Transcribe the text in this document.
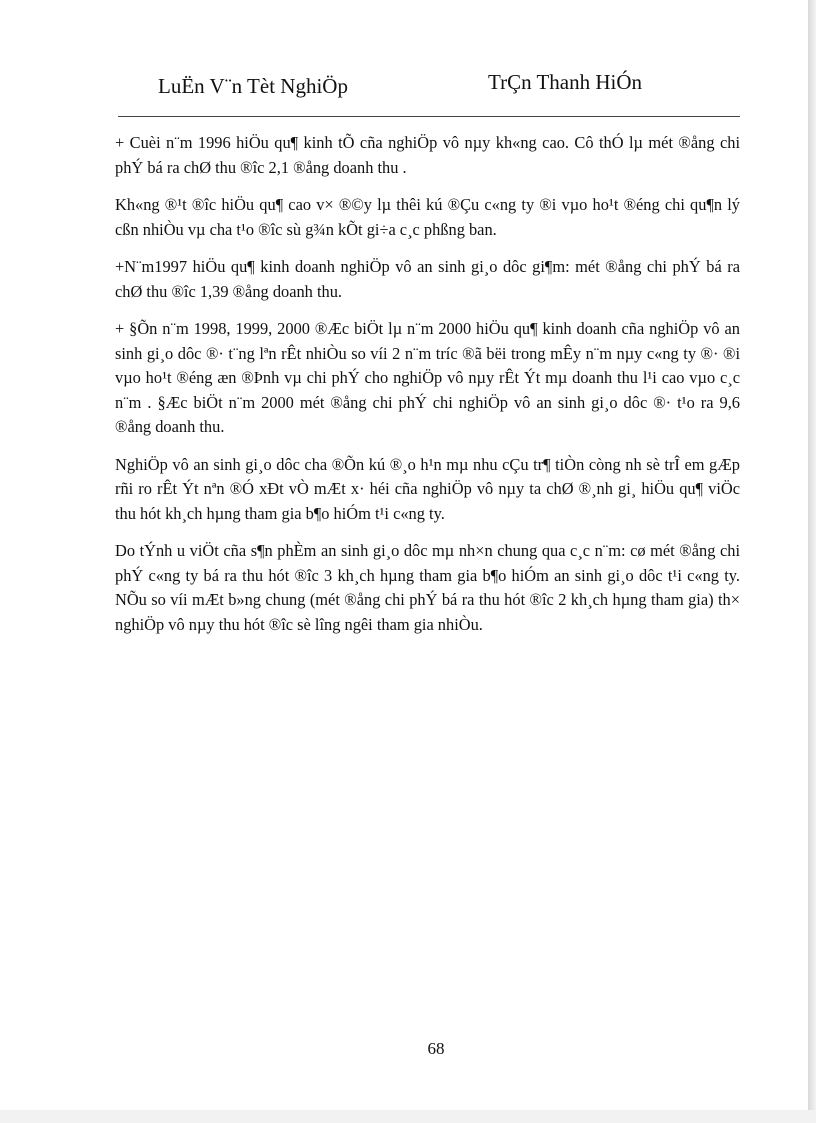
LuËn V¨n Tèt NghiÖp	TrÇn Thanh HiÓn

+ Cuèi n¨m 1996 hiÖu qu¶ kinh tÕ cña nghiÖp vô nµy kh«ng cao. Cô thÓ lµ mét ®ång chi phÝ bá ra chØ thu ®îc 2,1 ®ång doanh thu .

Kh«ng ®¹t ®îc hiÖu qu¶ cao v× ®©y lµ thêi kú ®Çu c«ng ty ®i vµo ho¹t ®éng chi qu¶n lý cßn nhiÒu vµ cha t¹o ®îc sù g¾n kÕt gi÷a c¸c phßng ban.

+N¨m1997 hiÖu qu¶ kinh doanh nghiÖp vô an sinh gi¸o dôc gi¶m: mét ®ång chi phÝ bá ra chØ thu ®îc 1,39 ®ång doanh thu.

+ §Õn n¨m 1998, 1999, 2000 ®Æc biÖt lµ n¨m 2000 hiÖu qu¶ kinh doanh cña nghiÖp vô an sinh gi¸o dôc ®· t¨ng lªn rÊt nhiÒu so víi 2 n¨m tríc ®ã bëi trong mÊy n¨m nµy c«ng ty ®· ®i vµo ho¹t ®éng æn ®Þnh vµ chi phÝ cho nghiÖp vô nµy rÊt Ýt mµ doanh thu l¹i cao vµo c¸c n¨m . §Æc biÖt n¨m 2000 mét ®ång chi phÝ chi nghiÖp vô an sinh gi¸o dôc ®· t¹o ra 9,6 ®ång doanh thu.

NghiÖp vô an sinh gi¸o dôc cha ®Õn kú ®¸o h¹n mµ nhu cÇu tr¶ tiÒn còng nh sè trÎ em gÆp rñi ro rÊt Ýt nªn ®Ó xÐt vÒ mÆt x· héi cña nghiÖp vô nµy ta chØ ®¸nh gi¸ hiÖu qu¶ viÖc thu hót kh¸ch hµng tham gia b¶o hiÓm t¹i c«ng ty.

Do tÝnh u viÖt cña s¶n phÈm an sinh gi¸o dôc mµ nh×n chung qua c¸c n¨m: cø mét ®ång chi phÝ c«ng ty bá ra thu hót ®îc 3 kh¸ch hµng tham gia b¶o hiÓm an sinh gi¸o dôc t¹i c«ng ty. NÕu so víi mÆt b»ng chung (mét ®ång chi phÝ bá ra thu hót ®îc 2 kh¸ch hµng tham gia) th× nghiÖp vô nµy thu hót ®îc sè lîng ngêi tham gia nhiÒu.

68
